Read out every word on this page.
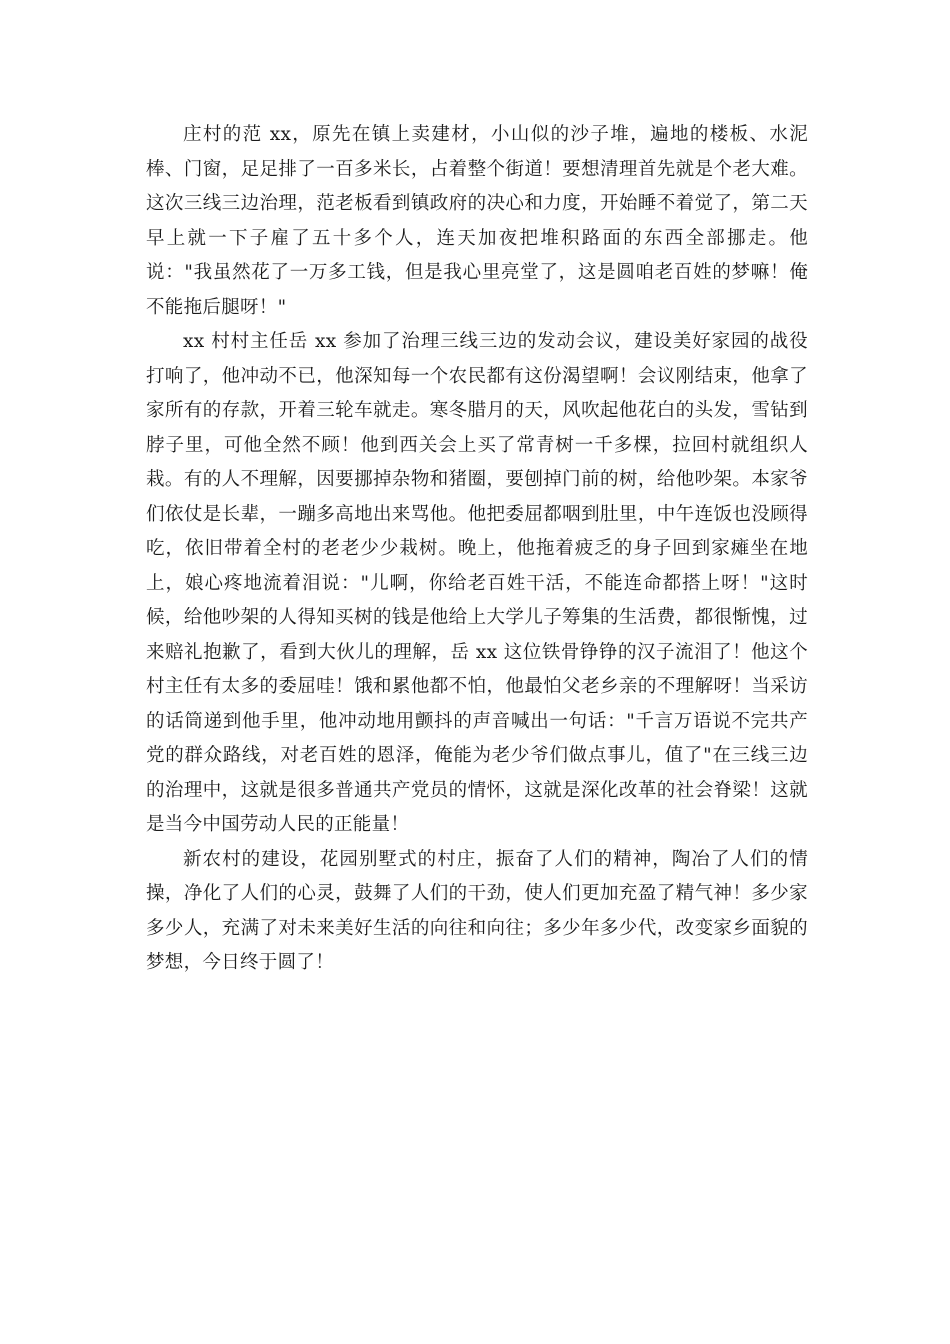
庄村的范 xx，原先在镇上卖建材，小山似的沙子堆，遍地的楼板、水泥棒、门窗，足足排了一百多米长，占着整个街道！要想清理首先就是个老大难。这次三线三边治理，范老板看到镇政府的决心和力度，开始睡不着觉了，第二天早上就一下子雇了五十多个人，连天加夜把堆积路面的东西全部挪走。他说："我虽然花了一万多工钱，但是我心里亮堂了，这是圆咱老百姓的梦嘛！俺不能拖后腿呀！"

xx 村村主任岳 xx 参加了治理三线三边的发动会议，建设美好家园的战役打响了，他冲动不已，他深知每一个农民都有这份渴望啊！会议刚结束，他拿了家所有的存款，开着三轮车就走。寒冬腊月的天，风吹起他花白的头发，雪钻到脖子里，可他全然不顾！他到西关会上买了常青树一千多棵，拉回村就组织人栽。有的人不理解，因要挪掉杂物和猪圈，要刨掉门前的树，给他吵架。本家爷们依仗是长辈，一蹦多高地出来骂他。他把委屈都咽到肚里，中午连饭也没顾得吃，依旧带着全村的老老少少栽树。晚上，他拖着疲乏的身子回到家瘫坐在地上，娘心疼地流着泪说："儿啊，你给老百姓干活，不能连命都搭上呀！"这时候，给他吵架的人得知买树的钱是他给上大学儿子筹集的生活费，都很惭愧，过来赔礼抱歉了，看到大伙儿的理解，岳 xx 这位铁骨铮铮的汉子流泪了！他这个村主任有太多的委屈哇！饿和累他都不怕，他最怕父老乡亲的不理解呀！当采访的话筒递到他手里，他冲动地用颤抖的声音喊出一句话："千言万语说不完共产党的群众路线，对老百姓的恩泽，俺能为老少爷们做点事儿，值了"在三线三边的治理中，这就是很多普通共产党员的情怀，这就是深化改革的社会脊梁！这就是当今中国劳动人民的正能量！

新农村的建设，花园别墅式的村庄，振奋了人们的精神，陶冶了人们的情操，净化了人们的心灵，鼓舞了人们的干劲，使人们更加充盈了精气神！多少家多少人，充满了对未来美好生活的向往和向往；多少年多少代，改变家乡面貌的梦想，今日终于圆了！
